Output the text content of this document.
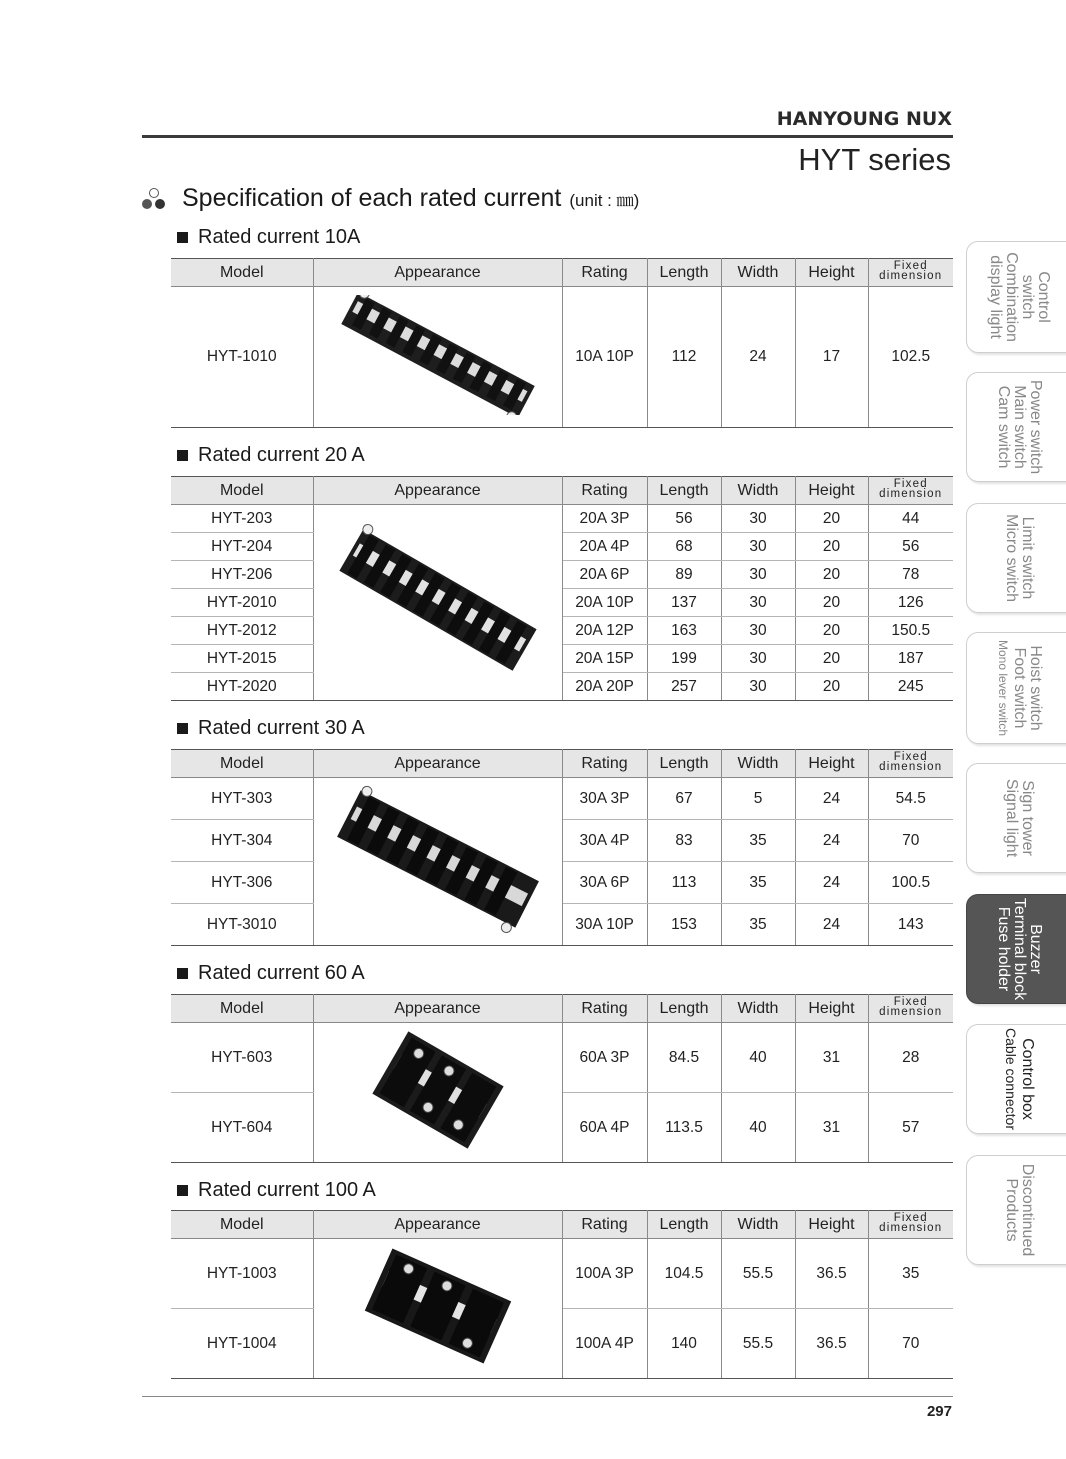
HANYOUNG NUX
HYT series
Specification of each rated current (unit : ㎜)
Rated current 10A
Model	Appearance	Rating	Length	Width	Height	Fixed
dimension
HYT-1010		10A 10P	112	24	17	102.5
Rated current 20 A
Model	Appearance	Rating	Length	Width	Height	Fixed
dimension
HYT-203		20A 3P	56	30	20	44
HYT-204		20A 4P	68	30	20	56
HYT-206		20A 6P	89	30	20	78
HYT-2010		20A 10P	137	30	20	126
HYT-2012		20A 12P	163	30	20	150.5
HYT-2015		20A 15P	199	30	20	187
HYT-2020		20A 20P	257	30	20	245
Rated current 30 A
Model	Appearance	Rating	Length	Width	Height	Fixed
dimension
HYT-303		30A 3P	67	5	24	54.5
HYT-304		30A 4P	83	35	24	70
HYT-306		30A 6P	113	35	24	100.5
HYT-3010		30A 10P	153	35	24	143
Rated current 60 A
Model	Appearance	Rating	Length	Width	Height	Fixed
dimension
HYT-603		60A 3P	84.5	40	31	28
HYT-604		60A 4P	113.5	40	31	57
Rated current 100 A
Model	Appearance	Rating	Length	Width	Height	Fixed
dimension
HYT-1003		100A 3P	104.5	55.5	36.5	35
HYT-1004		100A 4P	140	55.5	36.5	70
297
Control
switch
Combination
display light
Power switch
Main switch
Cam switch
Limit switch
Micro switch
Hoist switch
Foot switch
Mono lever switch
Sign tower
Signal light
Buzzer
Terminal block
Fuse holder
Control box
Cable connector
Discontinued
Products
